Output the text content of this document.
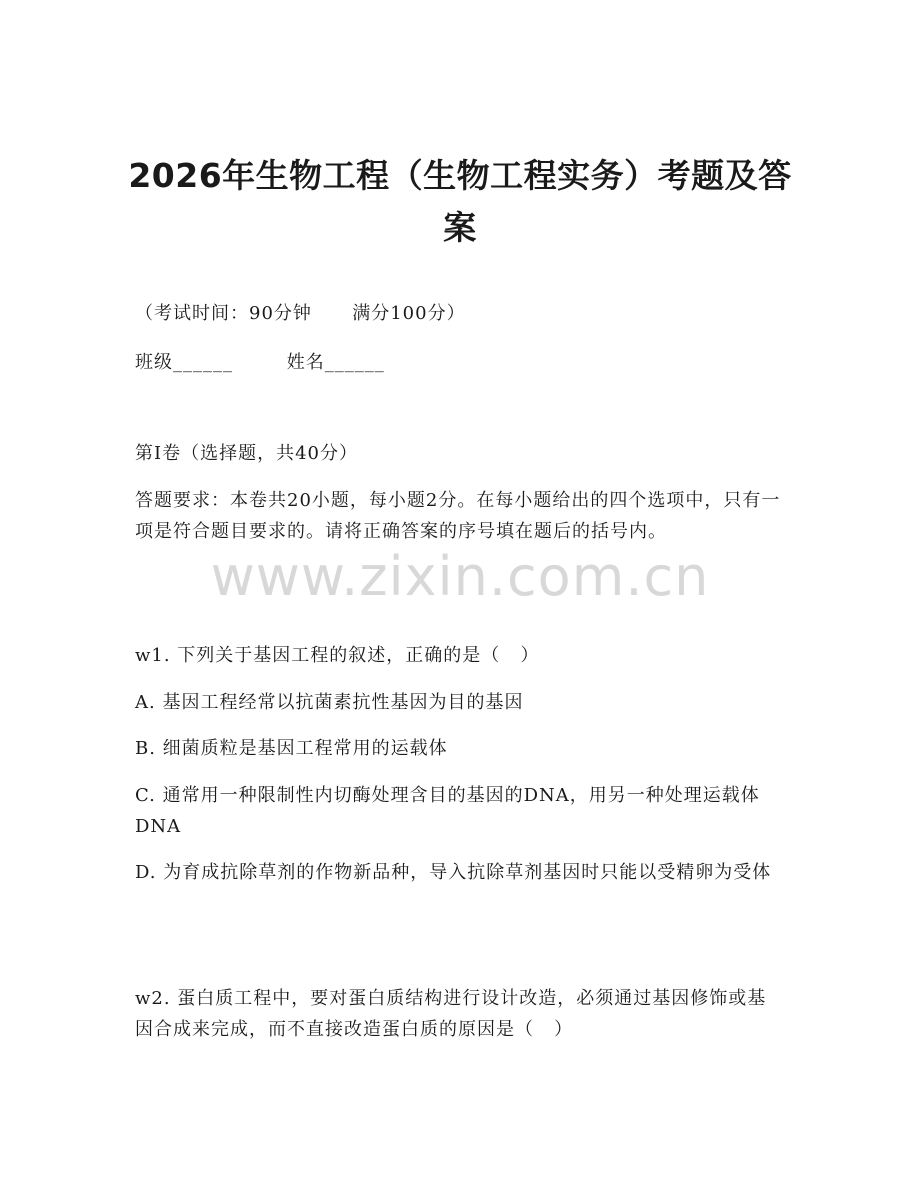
2026年生物工程（生物工程实务）考题及答案
（考试时间：90分钟      满分100分）
班级______        姓名______
第I卷（选择题，共40分）
答题要求：本卷共20小题，每小题2分。在每小题给出的四个选项中，只有一项是符合题目要求的。请将正确答案的序号填在题后的括号内。
w1. 下列关于基因工程的叙述，正确的是（   ）
A. 基因工程经常以抗菌素抗性基因为目的基因
B. 细菌质粒是基因工程常用的运载体
C. 通常用一种限制性内切酶处理含目的基因的DNA，用另一种处理运载体DNA
D. 为育成抗除草剂的作物新品种，导入抗除草剂基因时只能以受精卵为受体
w2. 蛋白质工程中，要对蛋白质结构进行设计改造，必须通过基因修饰或基因合成来完成，而不直接改造蛋白质的原因是（   ）
www.zixin.com.cn
